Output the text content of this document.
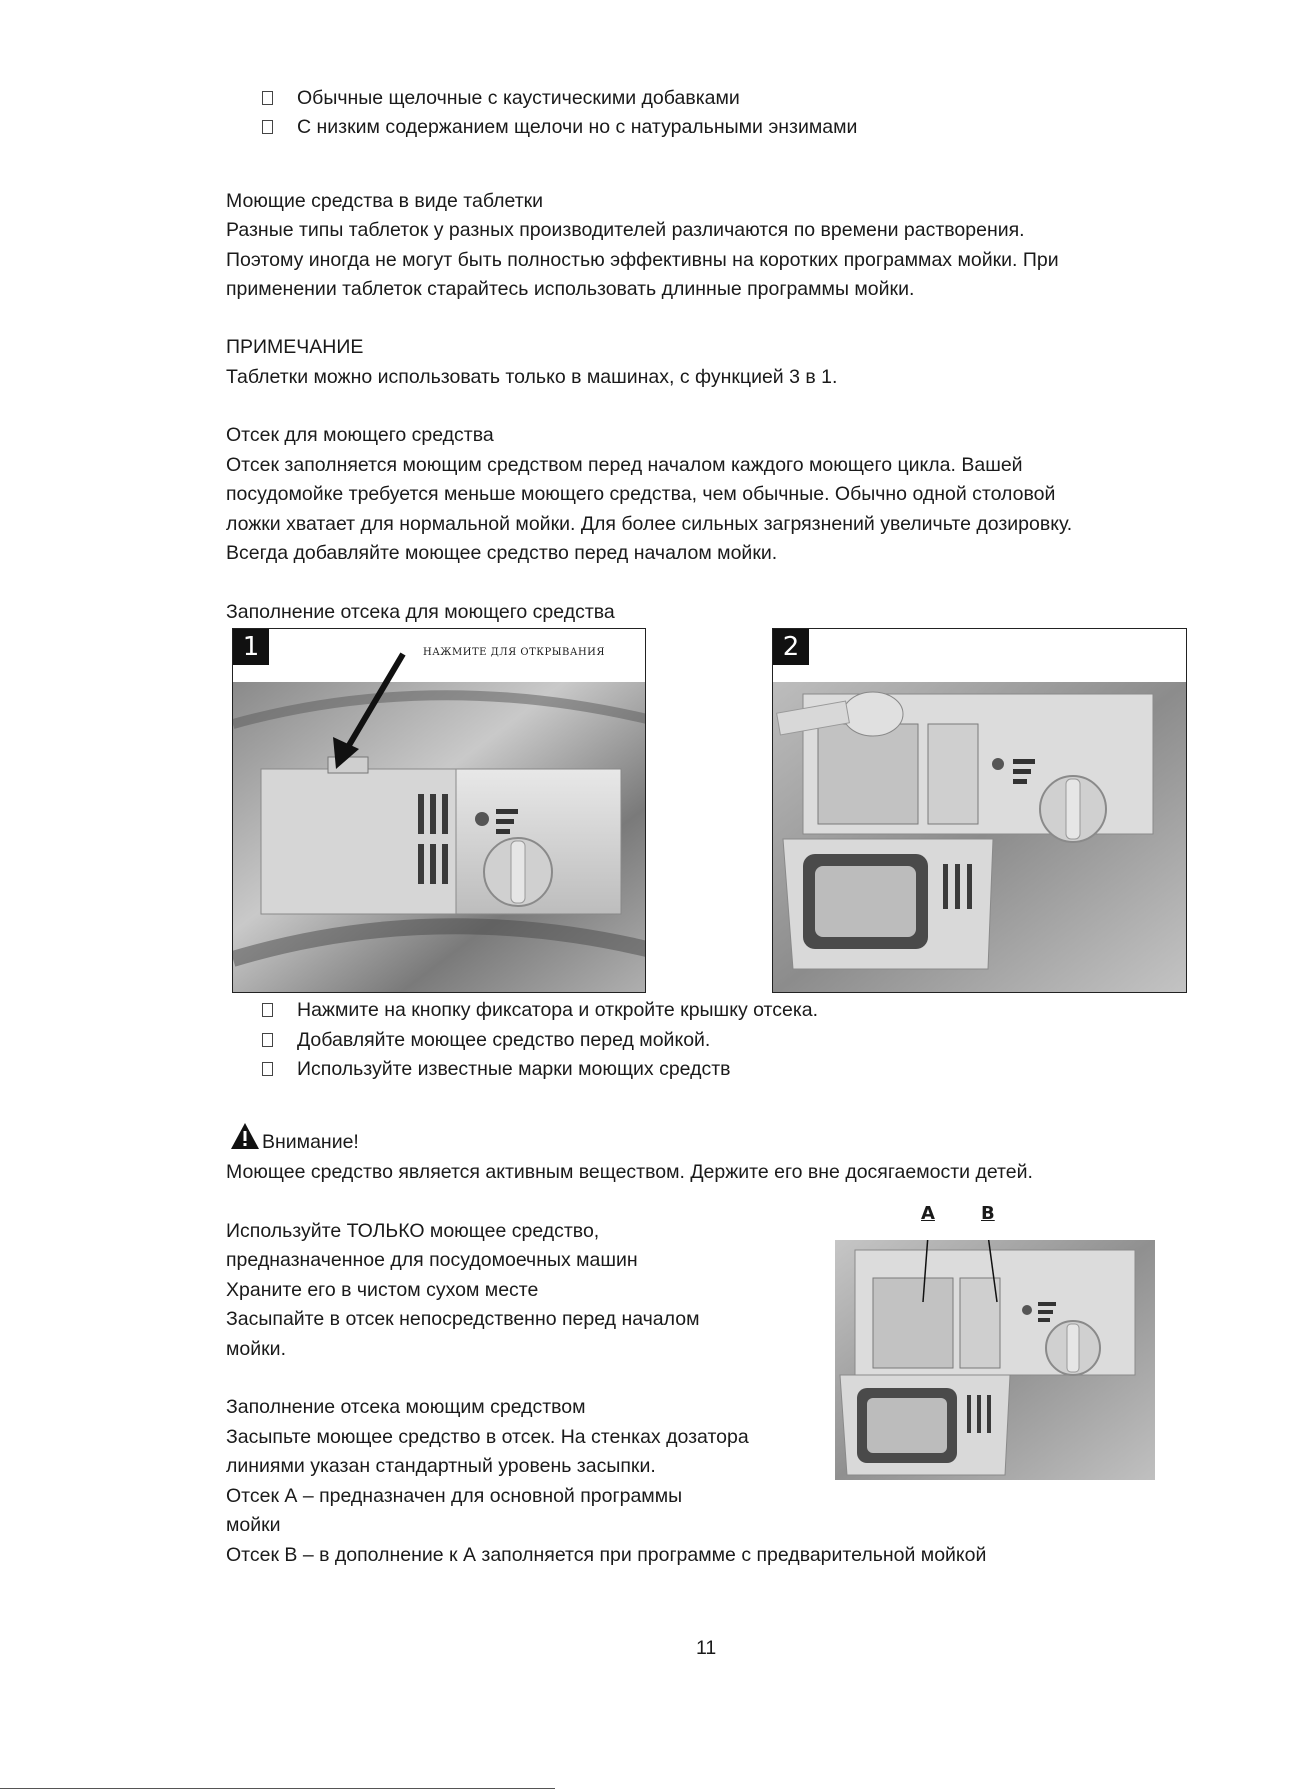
Обычные щелочные с каустическими добавками
С низким содержанием щелочи но с натуральными энзимами
Моющие средства в виде таблетки
Разные типы таблеток у разных производителей различаются по времени растворения.
Поэтому иногда не могут быть полностью эффективны на коротких программах мойки. При
применении таблеток старайтесь использовать длинные программы мойки.
ПРИМЕЧАНИЕ
Таблетки можно использовать только в машинах, с функцией 3 в 1.
Отсек для моющего средства
Отсек заполняется моющим средством перед началом каждого моющего цикла. Вашей
посудомойке требуется меньше моющего средства, чем обычные. Обычно одной столовой
ложки хватает для нормальной мойки. Для более сильных загрязнений увеличьте дозировку.
Всегда добавляйте моющее средство перед началом мойки.
Заполнение отсека для моющего средства
1	НАЖМИТЕ ДЛЯ ОТКРЫВАНИЯ	2
Нажмите на кнопку фиксатора и откройте крышку отсека.
Добавляйте моющее средство перед мойкой.
Используйте известные марки моющих средств
Внимание!
Моющее средство является активным веществом. Держите его вне досягаемости детей.
Используйте ТОЛЬКО моющее средство,
предназначенное для посудомоечных машин
Храните его в чистом сухом месте
Засыпайте в отсек непосредственно перед началом
мойки.
Заполнение отсека моющим средством
Засыпьте моющее средство в отсек. На стенках дозатора
линиями указан стандартный уровень засыпки.
Отсек А – предназначен для основной программы
мойки
Отсек В – в дополнение к А заполняется при программе с предварительной мойкой
A	B
11
